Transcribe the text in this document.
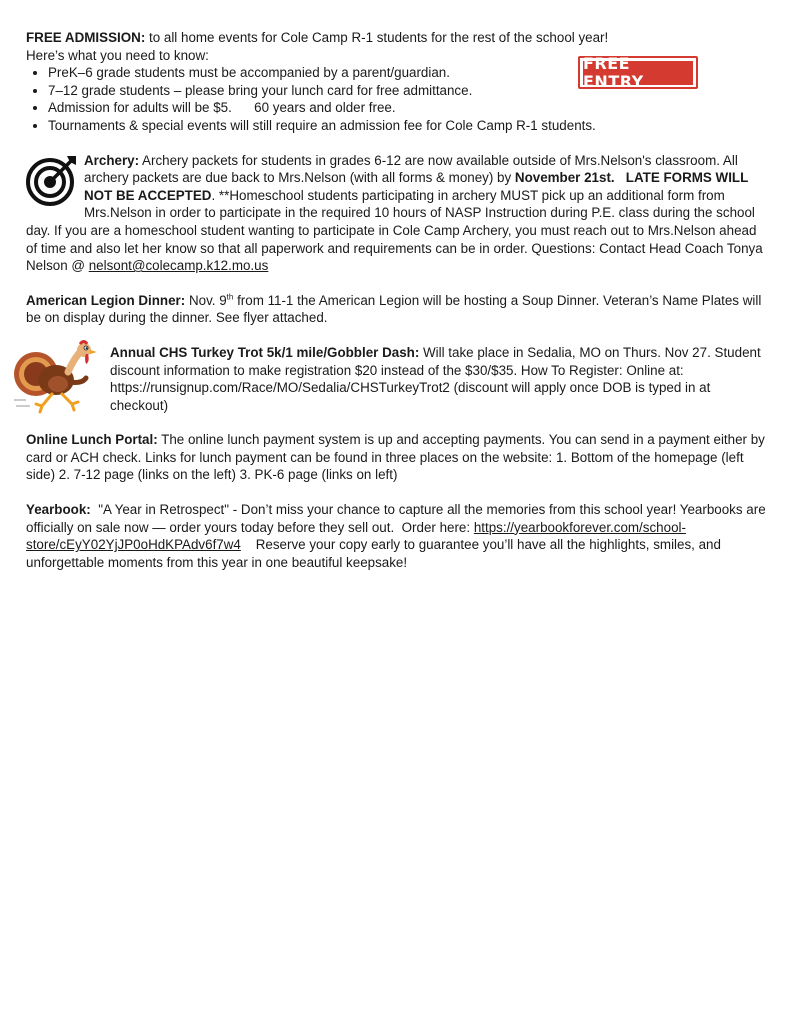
FREE ADMISSION: to all home events for Cole Camp R-1 students for the rest of the school year!

Here’s what you need to know:

• PreK–6 grade students must be accompanied by a parent/guardian.
• 7–12 grade students – please bring your lunch card for free admittance.
• Admission for adults will be $5.      60 years and older free.
• Tournaments & special events will still require an admission fee for Cole Camp R-1 students.
FREE ENTRY

Archery: Archery packets for students in grades 6-12 are now available outside of Mrs.Nelson's classroom. All archery packets are due back to Mrs.Nelson (with all forms & money) by November 21st.   LATE FORMS WILL NOT BE ACCEPTED. **Homeschool students participating in archery MUST pick up an additional form from Mrs.Nelson in order to participate in the required 10 hours of NASP Instruction during P.E. class during the school day. If you are a homeschool student wanting to participate in Cole Camp Archery, you must reach out to Mrs.Nelson ahead of time and also let her know so that all paperwork and requirements can be in order. Questions: Contact Head Coach Tonya Nelson @ nelsont@colecamp.k12.mo.us

American Legion Dinner: Nov. 9th from 11-1 the American Legion will be hosting a Soup Dinner. Veteran’s Name Plates will be on display during the dinner. See flyer attached.

Annual CHS Turkey Trot 5k/1 mile/Gobbler Dash: Will take place in Sedalia, MO on Thurs. Nov 27. Student discount information to make registration $20 instead of the $30/$35. How To Register: Online at: https://runsignup.com/Race/MO/Sedalia/CHSTurkeyTrot2 (discount will apply once DOB is typed in at checkout)

Online Lunch Portal: The online lunch payment system is up and accepting payments. You can send in a payment either by card or ACH check. Links for lunch payment can be found in three places on the website: 1. Bottom of the homepage (left side) 2. 7-12 page (links on the left) 3. PK-6 page (links on left)

Yearbook:  "A Year in Retrospect" - Don’t miss your chance to capture all the memories from this school year! Yearbooks are officially on sale now — order yours today before they sell out.  Order here: https://yearbookforever.com/school-store/cEyY02YjJP0oHdKPAdv6f7w4    Reserve your copy early to guarantee you’ll have all the highlights, smiles, and unforgettable moments from this year in one beautiful keepsake!
